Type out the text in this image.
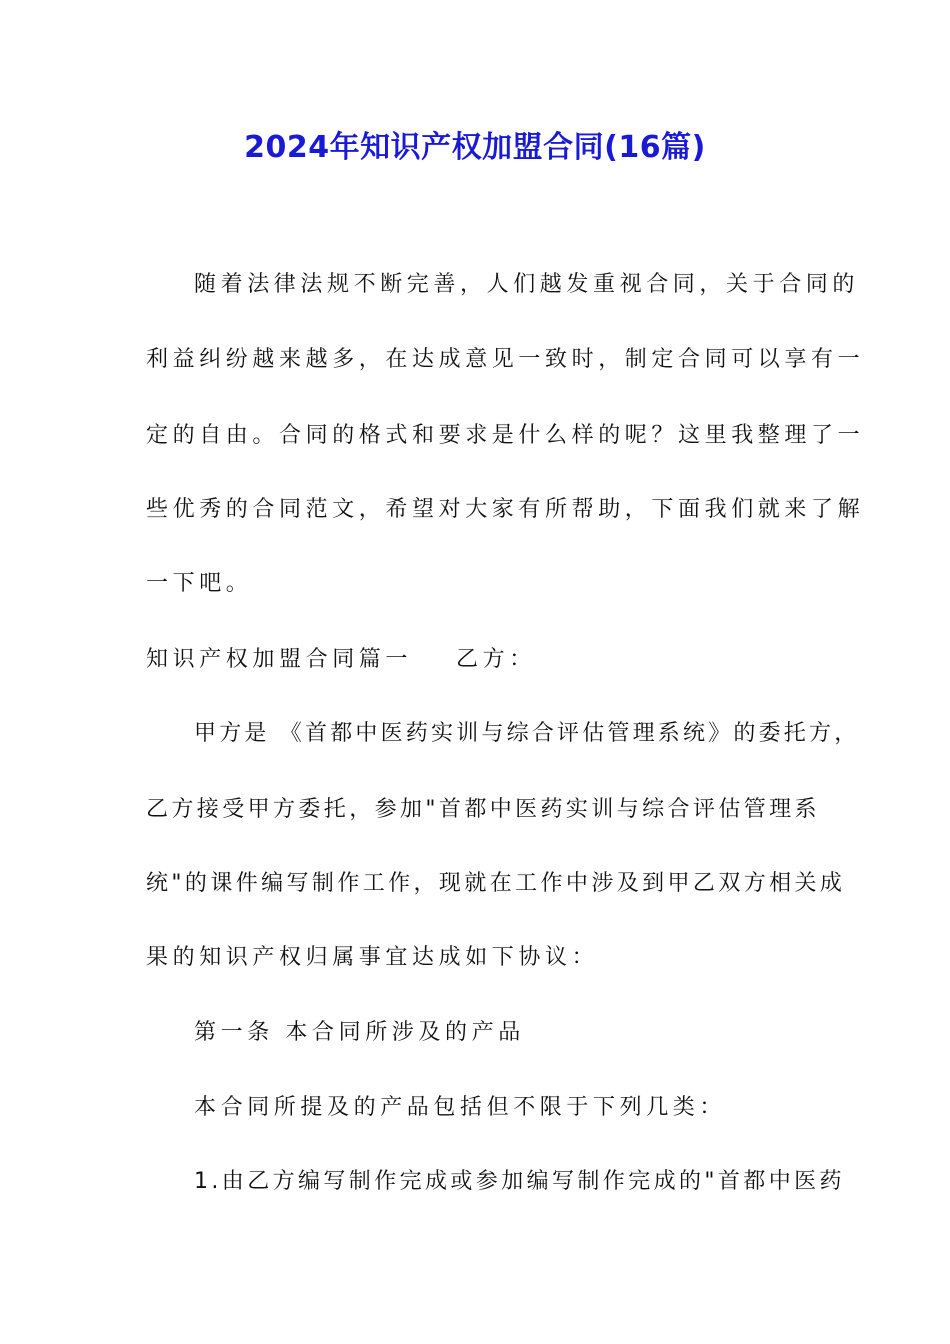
2024年知识产权加盟合同(16篇)
随着法律法规不断完善，人们越发重视合同，关于合同的
利益纠纷越来越多，在达成意见一致时，制定合同可以享有一
定的自由。合同的格式和要求是什么样的呢？这里我整理了一
些优秀的合同范文，希望对大家有所帮助，下面我们就来了解
一下吧。
知识产权加盟合同篇一 乙方：
甲方是 《首都中医药实训与综合评估管理系统》的委托方，
乙方接受甲方委托，参加"首都中医药实训与综合评估管理系
统"的课件编写制作工作，现就在工作中涉及到甲乙双方相关成
果的知识产权归属事宜达成如下协议：
第一条 本合同所涉及的产品
本合同所提及的产品包括但不限于下列几类：
1.由乙方编写制作完成或参加编写制作完成的"首都中医药
